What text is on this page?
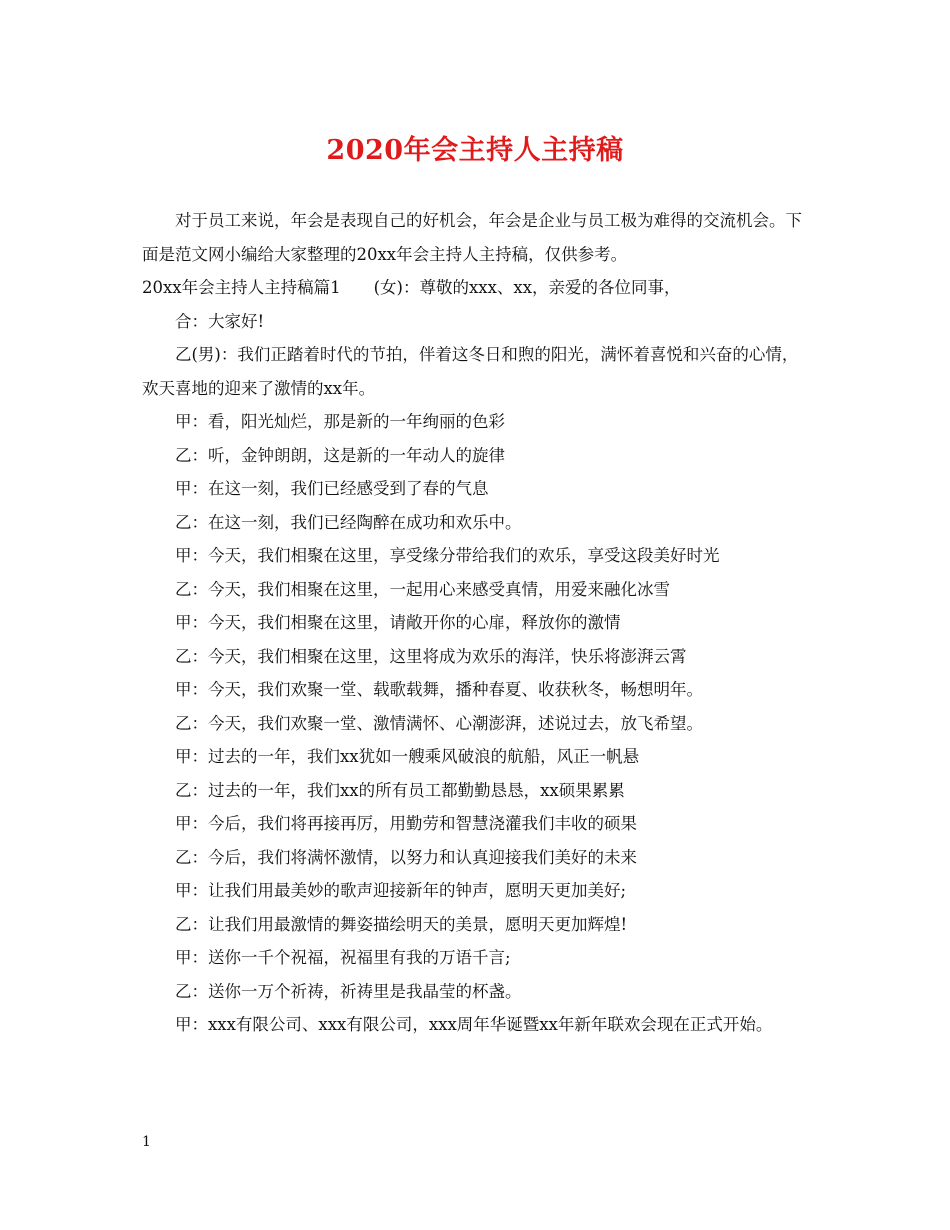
2020年会主持人主持稿

对于员工来说，年会是表现自己的好机会，年会是企业与员工极为难得的交流机会。下面是范文网小编给大家整理的20xx年会主持人主持稿，仅供参考。

20xx年会主持人主持稿篇1　　(女)：尊敬的xxx、xx，亲爱的各位同事，

合：大家好!

乙(男)：我们正踏着时代的节拍，伴着这冬日和煦的阳光，满怀着喜悦和兴奋的心情，欢天喜地的迎来了激情的xx年。

甲：看，阳光灿烂，那是新的一年绚丽的色彩

乙：听，金钟朗朗，这是新的一年动人的旋律

甲：在这一刻，我们已经感受到了春的气息

乙：在这一刻，我们已经陶醉在成功和欢乐中。

甲：今天，我们相聚在这里，享受缘分带给我们的欢乐，享受这段美好时光

乙：今天，我们相聚在这里，一起用心来感受真情，用爱来融化冰雪

甲：今天，我们相聚在这里，请敞开你的心扉，释放你的激情

乙：今天，我们相聚在这里，这里将成为欢乐的海洋，快乐将澎湃云霄

甲：今天，我们欢聚一堂、载歌载舞，播种春夏、收获秋冬，畅想明年。

乙：今天，我们欢聚一堂、激情满怀、心潮澎湃，述说过去，放飞希望。

甲：过去的一年，我们xx犹如一艘乘风破浪的航船，风正一帆悬

乙：过去的一年，我们xx的所有员工都勤勤恳恳，xx硕果累累

甲：今后，我们将再接再厉，用勤劳和智慧浇灌我们丰收的硕果

乙：今后，我们将满怀激情，以努力和认真迎接我们美好的未来

甲：让我们用最美妙的歌声迎接新年的钟声，愿明天更加美好;

乙：让我们用最激情的舞姿描绘明天的美景，愿明天更加辉煌!

甲：送你一千个祝福，祝福里有我的万语千言;

乙：送你一万个祈祷，祈祷里是我晶莹的杯盏。

甲：xxx有限公司、xxx有限公司，xxx周年华诞暨xx年新年联欢会现在正式开始。

1
